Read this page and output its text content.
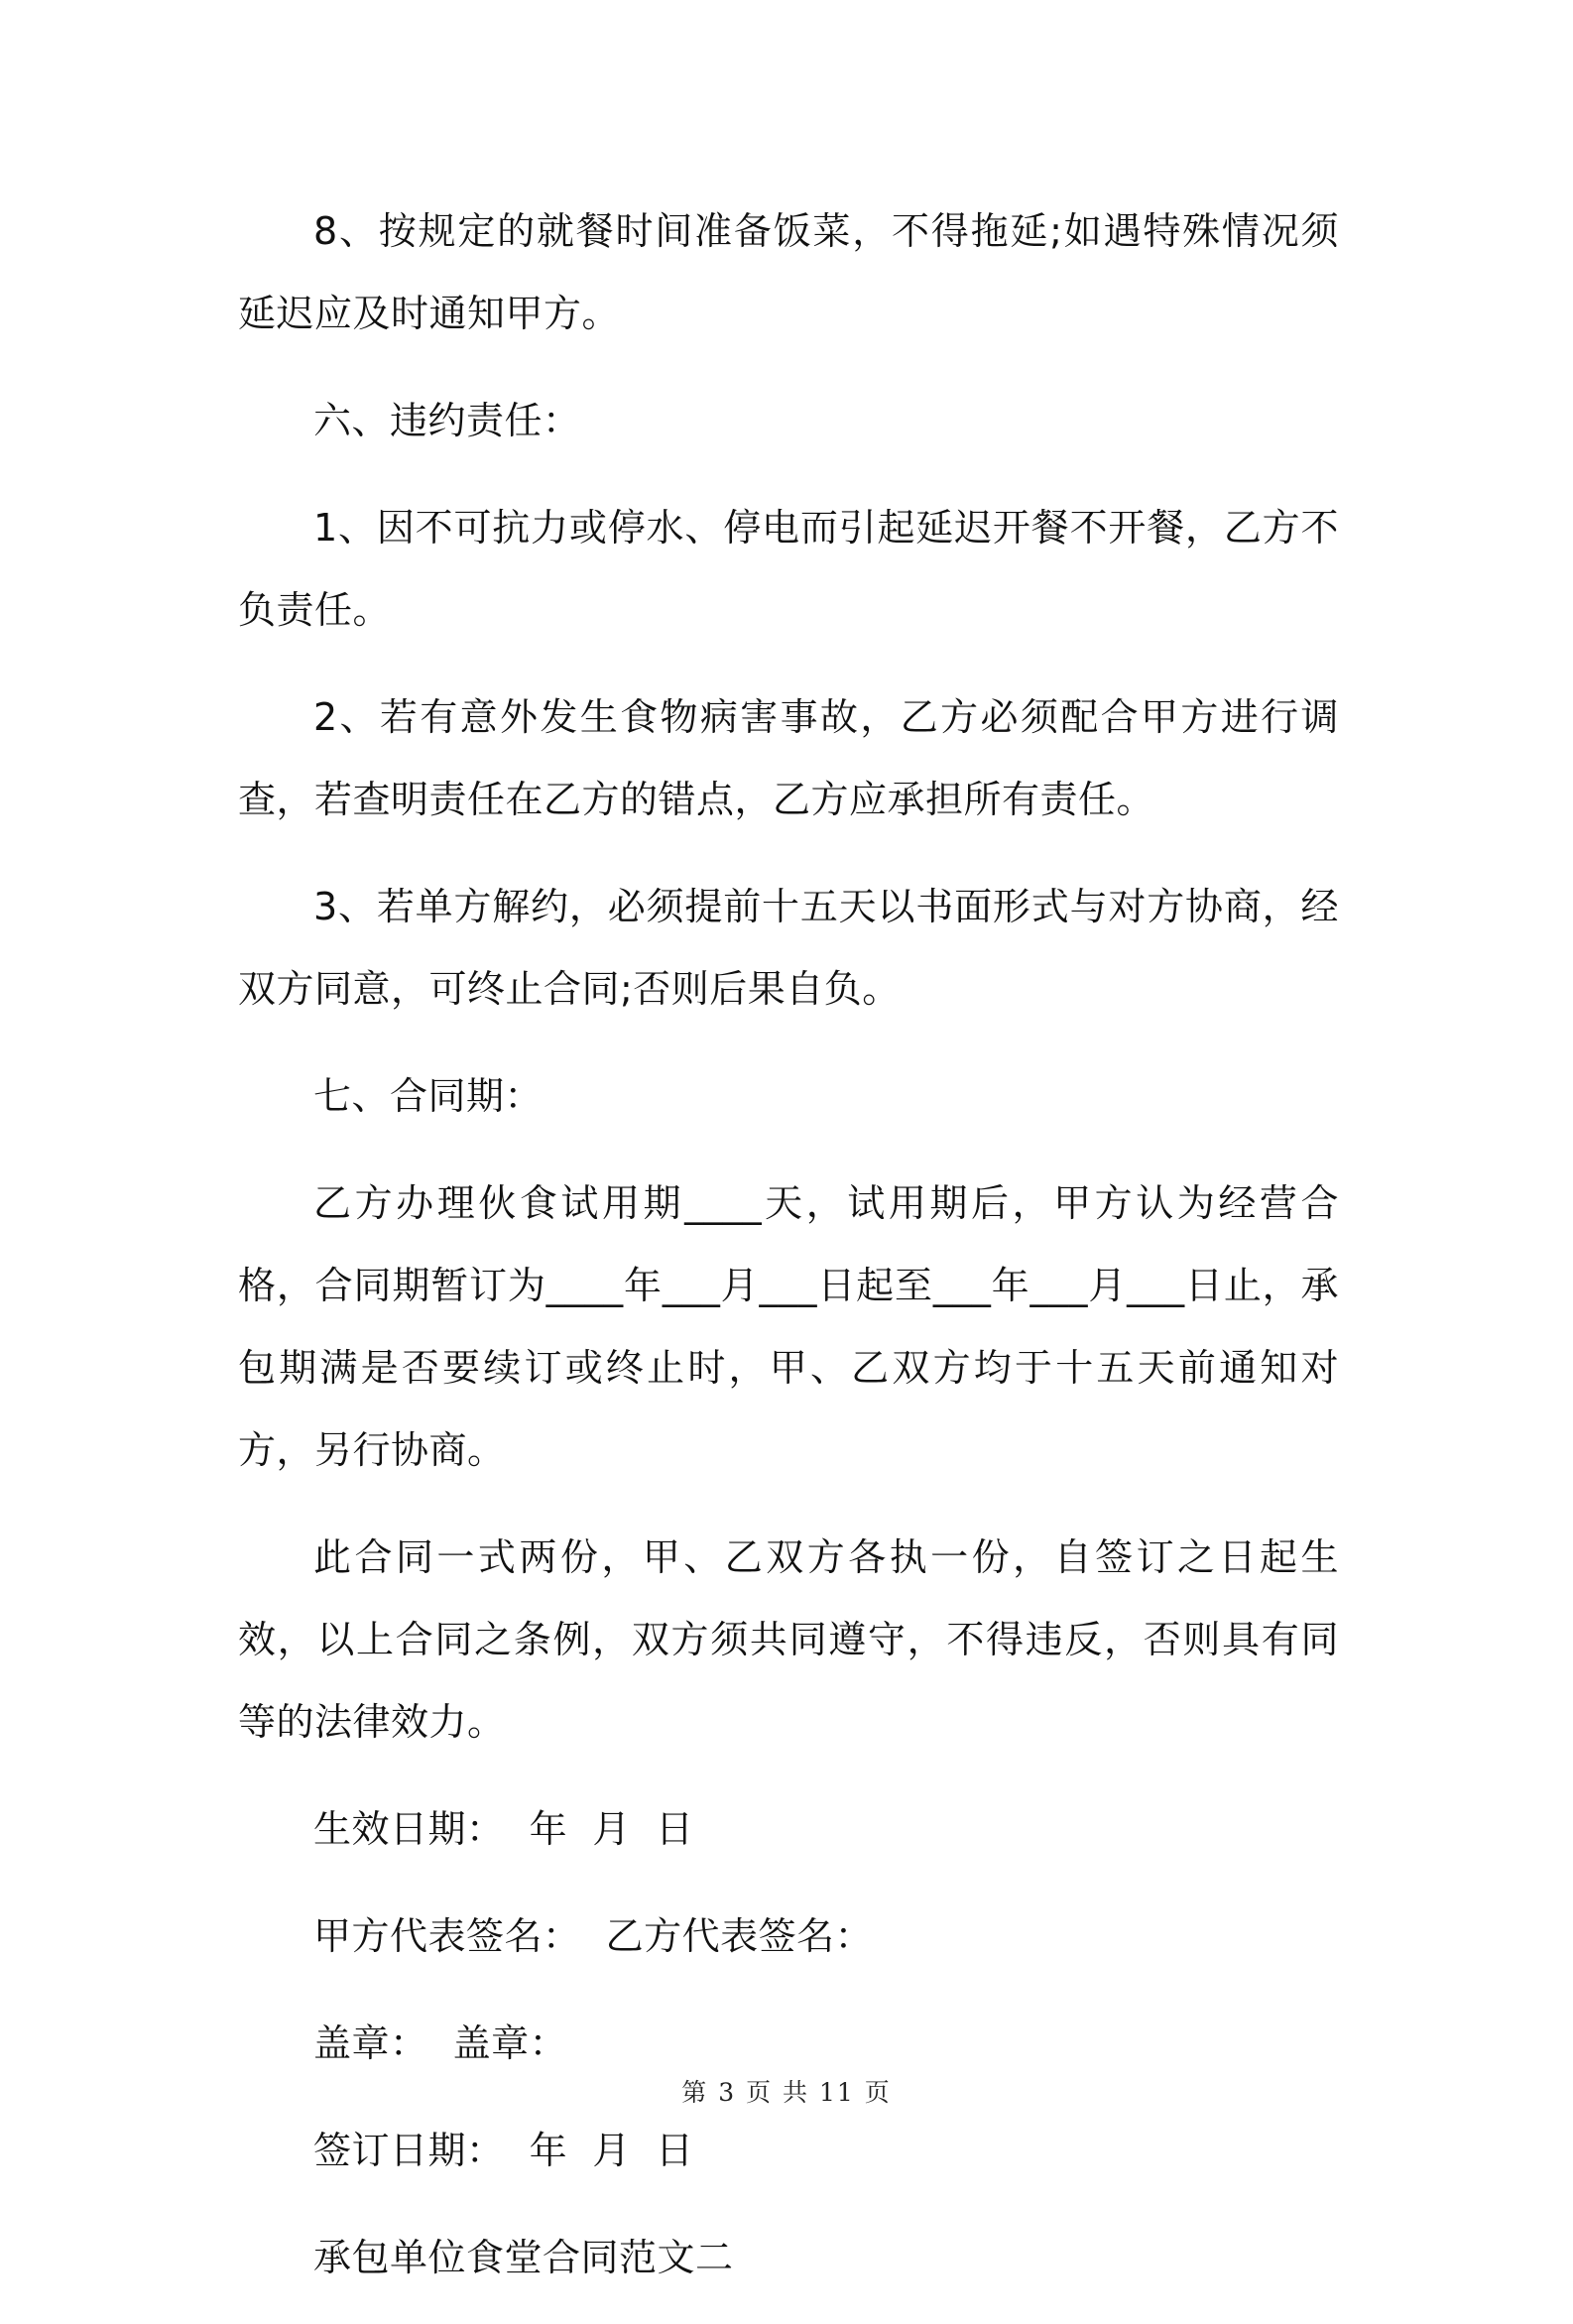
8、按规定的就餐时间准备饭菜，不得拖延;如遇特殊情况须延迟应及时通知甲方。

六、违约责任：

1、因不可抗力或停水、停电而引起延迟开餐不开餐，乙方不负责任。

2、若有意外发生食物病害事故，乙方必须配合甲方进行调查，若查明责任在乙方的错点，乙方应承担所有责任。

3、若单方解约，必须提前十五天以书面形式与对方协商，经双方同意，可终止合同;否则后果自负。

七、合同期：

乙方办理伙食试用期____天，试用期后，甲方认为经营合格，合同期暂订为____年___月___日起至___年___月___日止，承包期满是否要续订或终止时，甲、乙双方均于十五天前通知对方，另行协商。

此合同一式两份，甲、乙双方各执一份，自签订之日起生效，以上合同之条例，双方须共同遵守，不得违反，否则具有同等的法律效力。

生效日期：  年  月  日

甲方代表签名：  乙方代表签名：

盖章：  盖章：

签订日期：  年  月  日

承包单位食堂合同范文二

第 3 页 共 11 页
